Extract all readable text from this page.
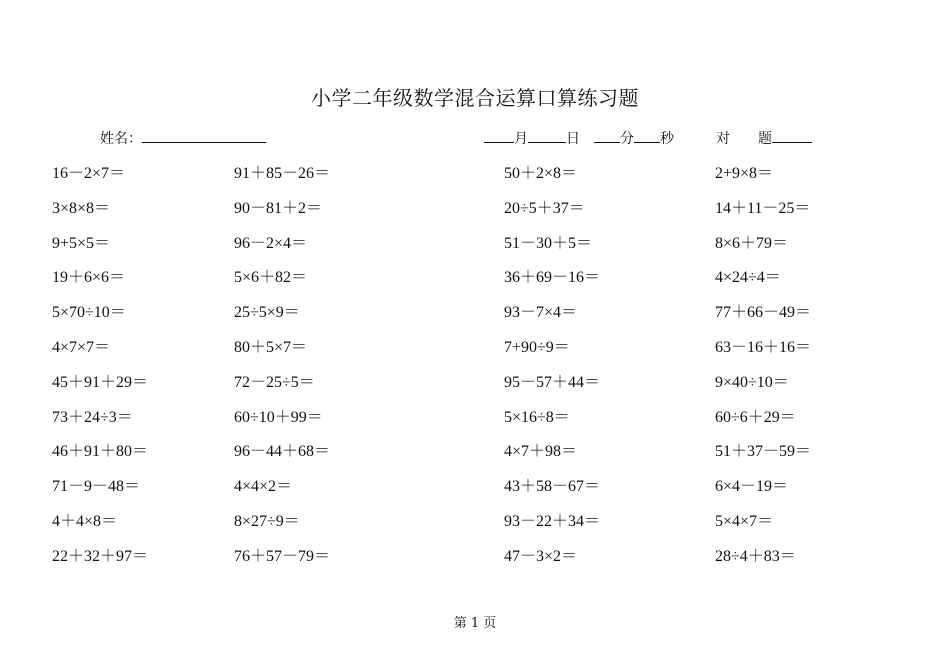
小学二年级数学混合运算口算练习题
姓名：	月	日	分 秒	对 题
16－2×7＝	91＋85－26＝	50＋2×8＝	2+9×8＝
3×8×8＝	90－81＋2＝	20÷5＋37＝	14＋11－25＝
9+5×5＝	96－2×4＝	51－30＋5＝	8×6＋79＝
19＋6×6＝	5×6＋82＝	36＋69－16＝	4×24÷4＝
5×70÷10＝	25÷5×9＝	93－7×4＝	77＋66－49＝
4×7×7＝	80＋5×7＝	7+90÷9＝	63－16＋16＝
45＋91＋29＝	72－25÷5＝	95－57＋44＝	9×40÷10＝
73＋24÷3＝	60÷10＋99＝	5×16÷8＝	60÷6＋29＝
46＋91＋80＝	96－44＋68＝	4×7＋98＝	51＋37－59＝
71－9－48＝	4×4×2＝	43＋58－67＝	6×4－19＝
4＋4×8＝	8×27÷9＝	93－22＋34＝	5×4×7＝
22＋32＋97＝	76＋57－79＝	47－3×2＝	28÷4＋83＝
第 1 页
